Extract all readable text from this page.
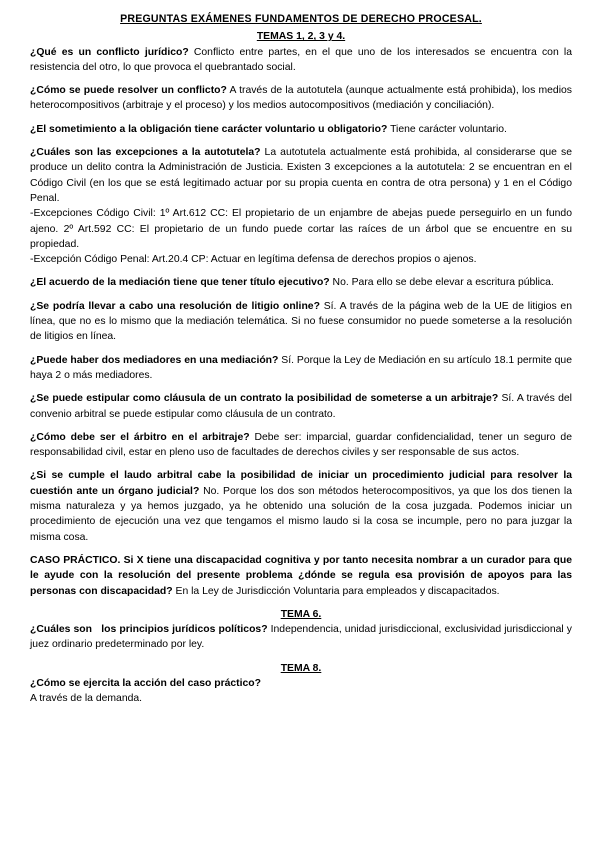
PREGUNTAS EXÁMENES FUNDAMENTOS DE DERECHO PROCESAL.

TEMAS 1, 2, 3 y 4.

¿Qué es un conflicto jurídico? Conflicto entre partes, en el que uno de los interesados se encuentra con la resistencia del otro, lo que provoca el quebrantado social.

¿Cómo se puede resolver un conflicto? A través de la autotutela (aunque actualmente está prohibida), los medios heterocompositivos (arbitraje y el proceso) y los medios autocompositivos (mediación y conciliación).

¿El sometimiento a la obligación tiene carácter voluntario u obligatorio? Tiene carácter voluntario.

¿Cuáles son las excepciones a la autotutela? La autotutela actualmente está prohibida, al considerarse que se produce un delito contra la Administración de Justicia. Existen 3 excepciones a la autotutela: 2 se encuentran en el Código Civil (en los que se está legitimado actuar por su propia cuenta en contra de otra persona) y 1 en el Código Penal.

-Excepciones Código Civil: 1º Art.612 CC: El propietario de un enjambre de abejas puede perseguirlo en un fundo ajeno. 2º Art.592 CC: El propietario de un fundo puede cortar las raíces de un árbol que se encuentre en su propiedad.

-Excepción Código Penal: Art.20.4 CP: Actuar en legítima defensa de derechos propios o ajenos.

¿El acuerdo de la mediación tiene que tener título ejecutivo? No. Para ello se debe elevar a escritura pública.

¿Se podría llevar a cabo una resolución de litigio online? Sí. A través de la página web de la UE de litigios en línea, que no es lo mismo que la mediación telemática. Si no fuese consumidor no puede someterse a la resolución de litigios en línea.

¿Puede haber dos mediadores en una mediación? Sí. Porque la Ley de Mediación en su artículo 18.1 permite que haya 2 o más mediadores.

¿Se puede estipular como cláusula de un contrato la posibilidad de someterse a un arbitraje? Sí. A través del convenio arbitral se puede estipular como cláusula de un contrato.

¿Cómo debe ser el árbitro en el arbitraje? Debe ser: imparcial, guardar confidencialidad, tener un seguro de responsabilidad civil, estar en pleno uso de facultades de derechos civiles y ser responsable de sus actos.

¿Si se cumple el laudo arbitral cabe la posibilidad de iniciar un procedimiento judicial para resolver la cuestión ante un órgano judicial? No. Porque los dos son métodos heterocompositivos, ya que los dos tienen la misma naturaleza y ya hemos juzgado, ya he obtenido una solución de la cosa juzgada. Podemos iniciar un procedimiento de ejecución una vez que tengamos el mismo laudo si la cosa se incumple, pero no para juzgar la misma cosa.

CASO PRÁCTICO. Si X tiene una discapacidad cognitiva y por tanto necesita nombrar a un curador para que le ayude con la resolución del presente problema ¿dónde se regula esa provisión de apoyos para las personas con discapacidad? En la Ley de Jurisdicción Voluntaria para empleados y discapacitados.

TEMA 6.

¿Cuáles son   los principios jurídicos políticos? Independencia, unidad jurisdiccional, exclusividad jurisdiccional y juez ordinario predeterminado por ley.

TEMA 8.

¿Cómo se ejercita la acción del caso práctico?

A través de la demanda.
